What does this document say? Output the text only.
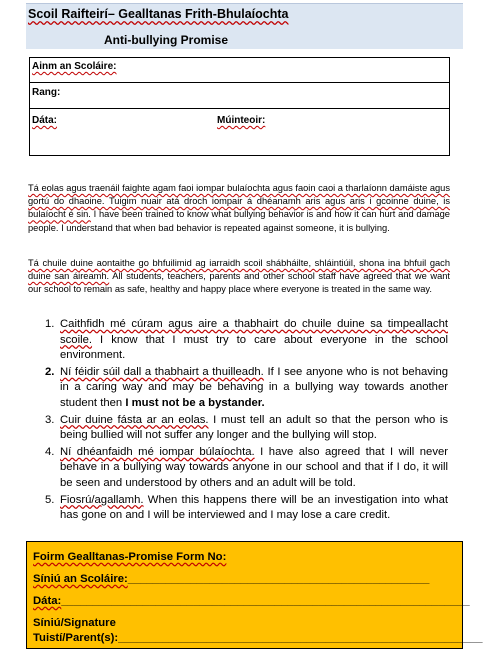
Scoil Raifteirí– Gealltanas Frith-Bhulaíochta
Anti-bullying Promise
Ainm an Scoláire:
Rang:
Dáta:	Múinteoir:
Tá eolas agus traenáil faighte agam faoi iompar bulaíochta agus faoin caoi a tharlaíonn damáiste agus gortú do dhaoine. Tuigim nuair atá droch iompair á dhéanamh aris agus aris i gcoinne duine, is bulaíocht é sin. I have been trained to know what bullying behavior is and how it can hurt and damage people. I understand that when bad behavior is repeated against someone, it is bullying.
Tá chuile duine aontaithe go bhfuilimid ag iarraidh scoil shábháilte, shláintiúil, shona ina bhfuil gach duine san áireamh. All students, teachers, parents and other school staff have agreed that we want our school to remain as safe, healthy and happy place where everyone is treated in the same way.
1. Caithfidh mé cúram agus aire a thabhairt do chuile duine sa timpeallacht scoile. I know that I must try to care about everyone in the school environment.
2. Ní féidir súil dall a thabhairt a thuilleadh. If I see anyone who is not behaving in a caring way and may be behaving in a bullying way towards another student then I must not be a bystander.
3. Cuir duine fásta ar an eolas. I must tell an adult so that the person who is being bullied will not suffer any longer and the bullying will stop.
4. Ní dhéanfaidh mé iompar búlaíochta. I have also agreed that I will never behave in a bullying way towards anyone in our school and that if I do, it will be seen and understood by others and an adult will be told.
5. Fiosrú/agallamh. When this happens there will be an investigation into what has gone on and I will be interviewed and I may lose a care credit.
Foirm Gealltanas-Promise Form No:
Síniú an Scoláire:________________________________________________
Dáta:_________________________________________________________________
Síniú/Signature
Tuistí/Parent(s):__________________________________________________________
